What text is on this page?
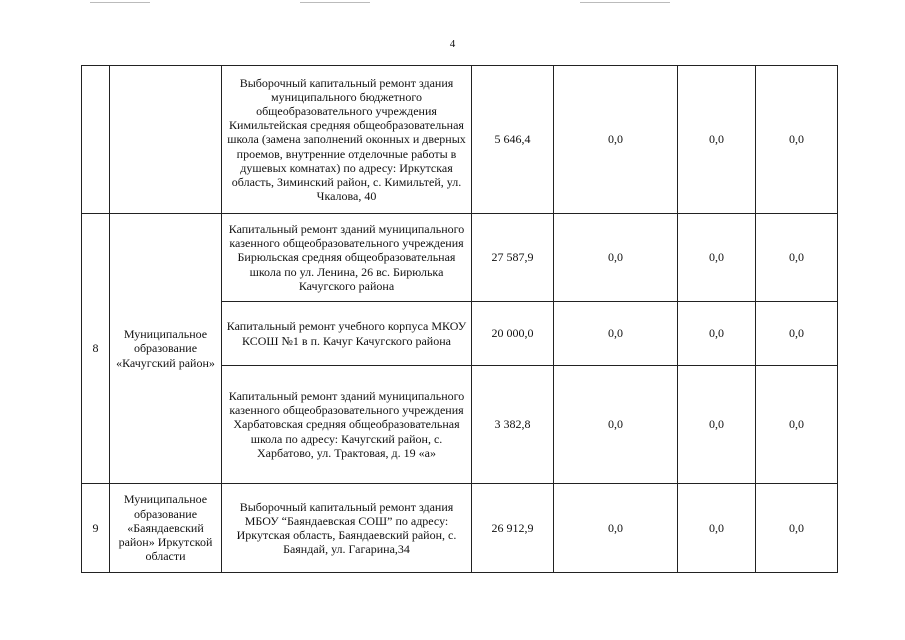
4
		Выборочный капитальный ремонт здания муниципального бюджетного общеобразовательного учреждения Кимильтейская средняя общеобразовательная школа (замена заполнений оконных и дверных проемов, внутренние отделочные работы в душевых комнатах) по адресу: Иркутская область, Зиминский район, с. Кимильтей, ул. Чкалова, 40	5 646,4	0,0	0,0	0,0
8	Муниципальное образование «Качугский район»	Капитальный ремонт зданий муниципального казенного общеобразовательного учреждения Бирюльская средняя общеобразовательная школа по ул. Ленина, 26 вс. Бирюлька Качугского района	27 587,9	0,0	0,0	0,0
		Капитальный ремонт учебного корпуса МКОУ КСОШ №1 в п. Качуг Качугского района	20 000,0	0,0	0,0	0,0
		Капитальный ремонт зданий муниципального казенного общеобразовательного учреждения Харбатовская средняя общеобразовательная школа по адресу: Качугский район, с. Харбатово, ул. Трактовая, д. 19 «а»	3 382,8	0,0	0,0	0,0
9	Муниципальное образование «Баяндаевский район» Иркутской области	Выборочный капитальный ремонт здания МБОУ “Баяндаевская СОШ” по адресу: Иркутская область, Баяндаевский район, с. Баяндай, ул. Гагарина,34	26 912,9	0,0	0,0	0,0
